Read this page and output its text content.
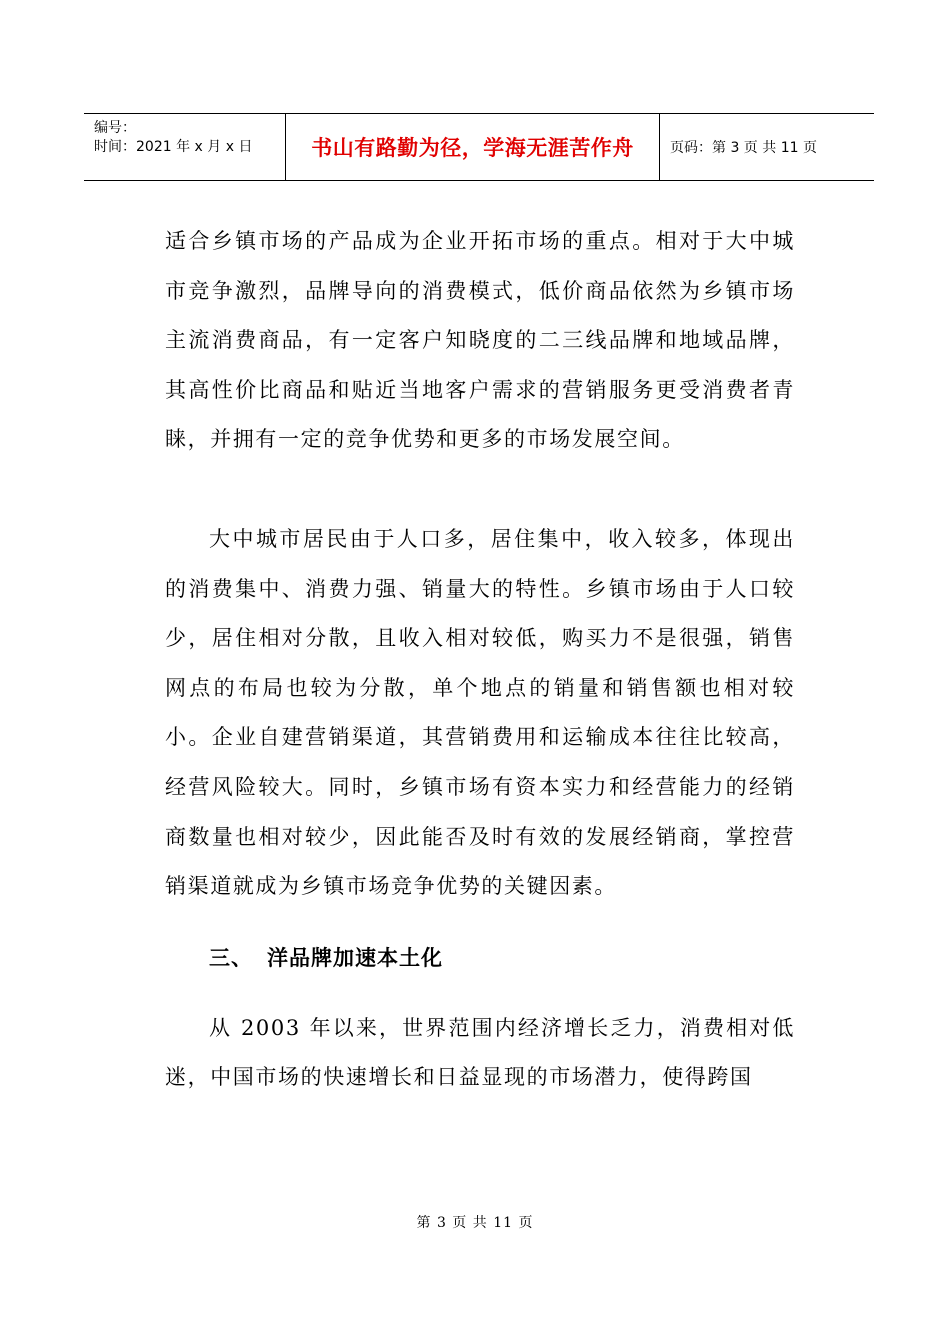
编号：
时间：2021 年 x 月 x 日	书山有路勤为径，学海无涯苦作舟	页码：第 3 页 共 11 页

适合乡镇市场的产品成为企业开拓市场的重点。相对于大中城市竞争激烈，品牌导向的消费模式，低价商品依然为乡镇市场主流消费商品，有一定客户知晓度的二三线品牌和地域品牌，其高性价比商品和贴近当地客户需求的营销服务更受消费者青睐，并拥有一定的竞争优势和更多的市场发展空间。

大中城市居民由于人口多，居住集中，收入较多，体现出的消费集中、消费力强、销量大的特性。乡镇市场由于人口较少，居住相对分散，且收入相对较低，购买力不是很强，销售网点的布局也较为分散，单个地点的销量和销售额也相对较小。企业自建营销渠道，其营销费用和运输成本往往比较高，经营风险较大。同时，乡镇市场有资本实力和经营能力的经销商数量也相对较少，因此能否及时有效的发展经销商，掌控营销渠道就成为乡镇市场竞争优势的关键因素。

三、 洋品牌加速本土化

从 2003 年以来，世界范围内经济增长乏力，消费相对低迷，中国市场的快速增长和日益显现的市场潜力，使得跨国

第 3 页 共 11 页
